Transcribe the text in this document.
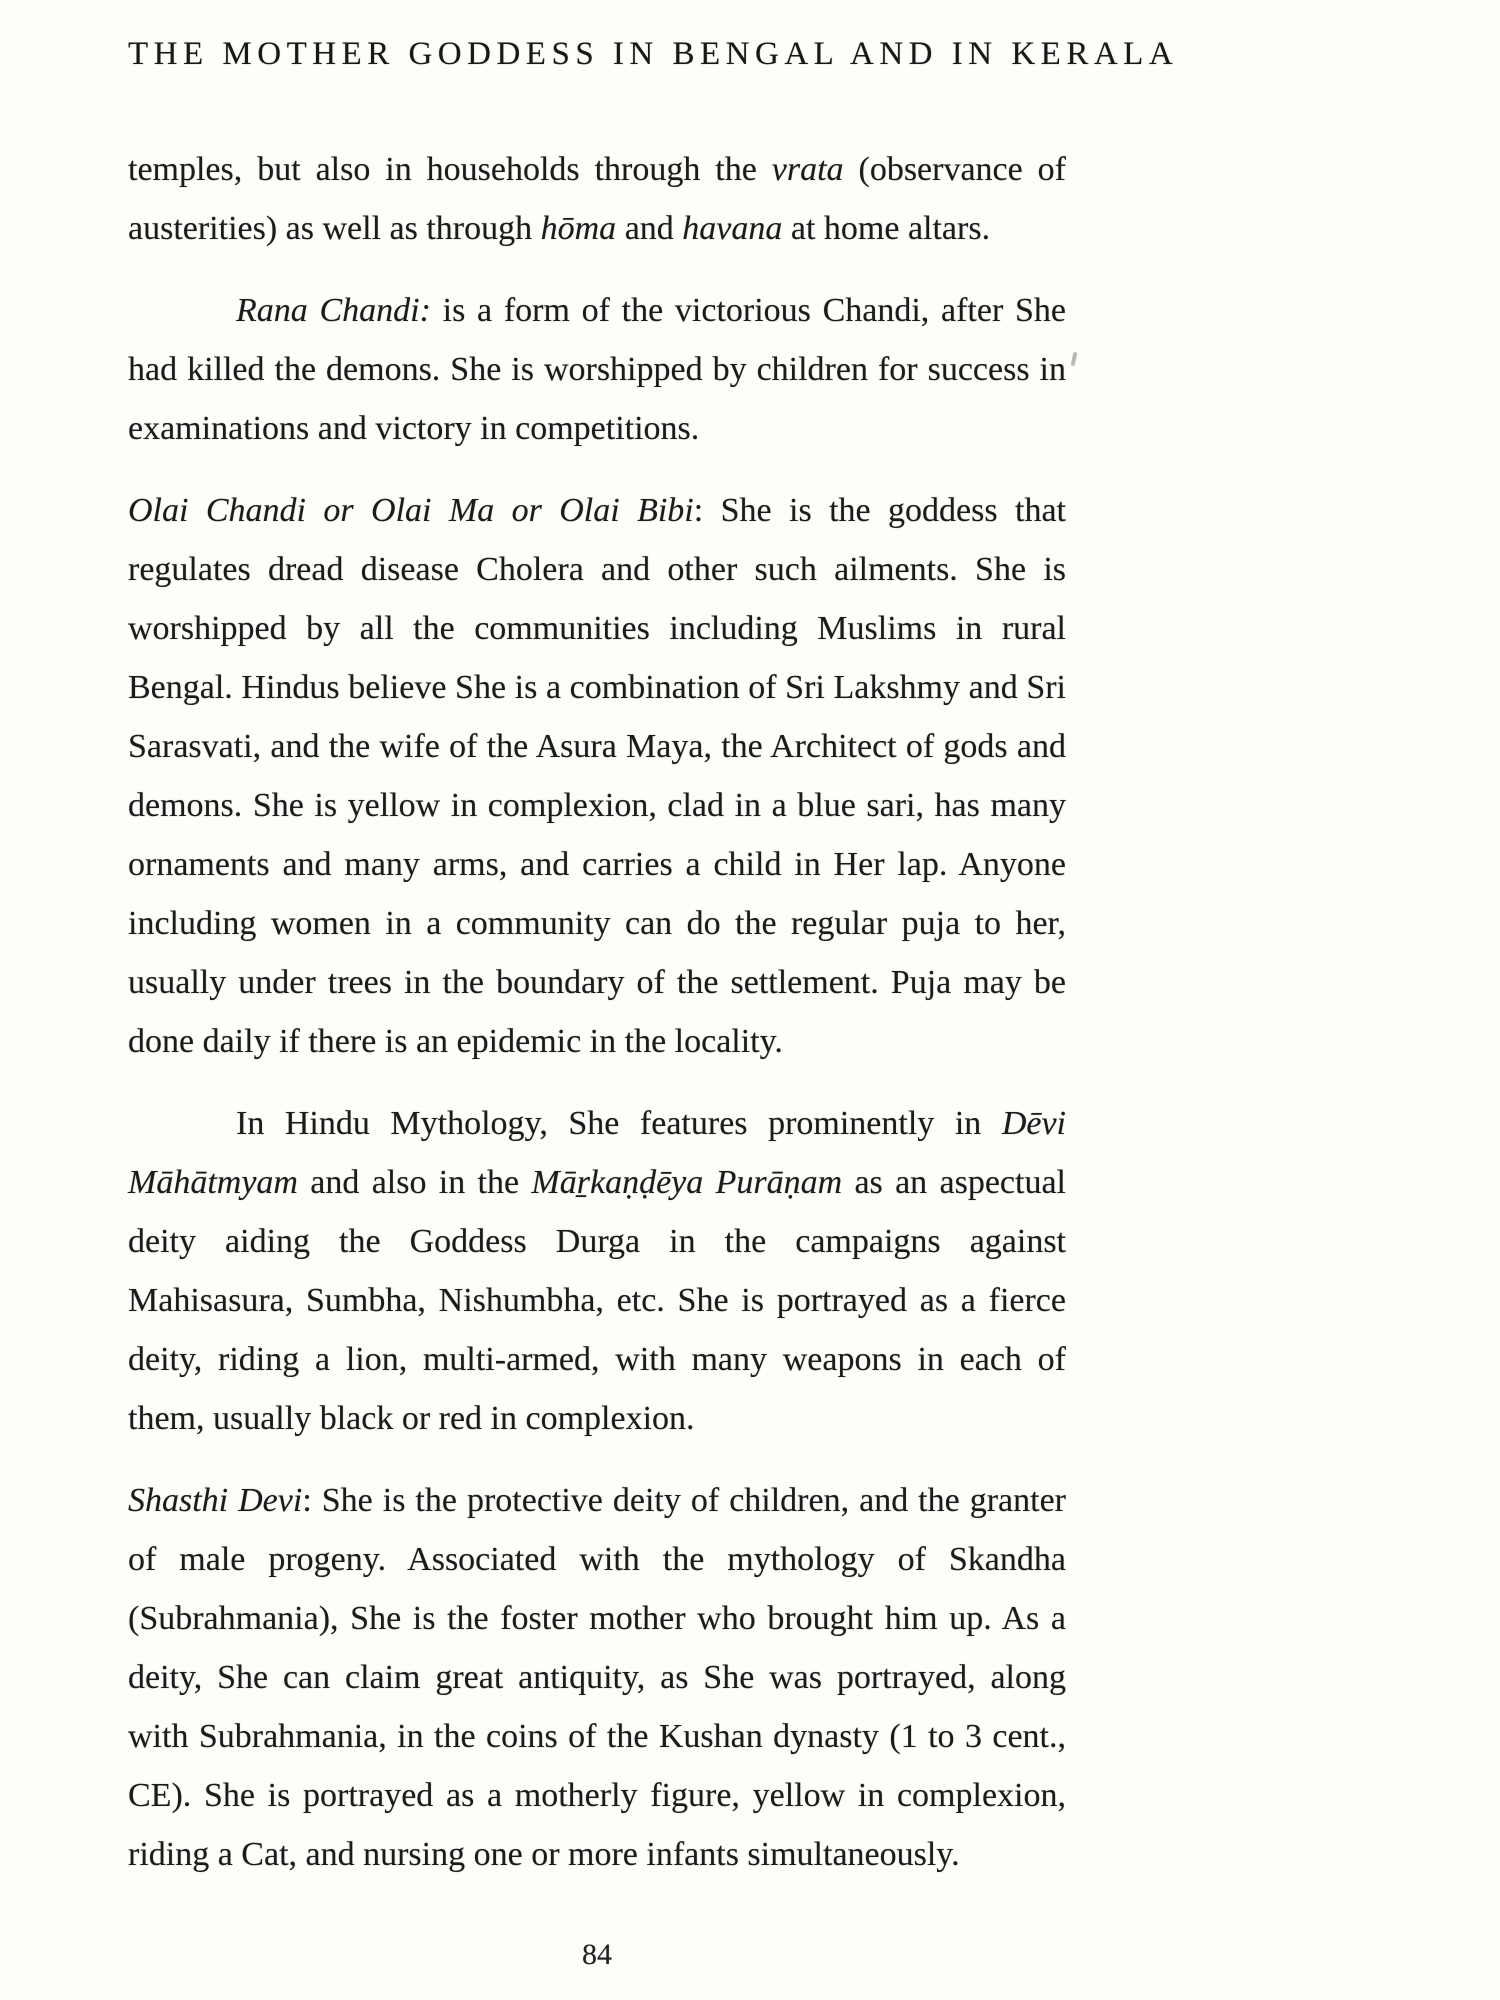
THE MOTHER GODDESS IN BENGAL AND IN KERALA

temples, but also in households through the vrata (observance of austerities) as well as through hōma and havana at home altars.

Rana Chandi: is a form of the victorious Chandi, after She had killed the demons. She is worshipped by children for success in examinations and victory in competitions.

Olai Chandi or Olai Ma or Olai Bibi: She is the goddess that regulates dread disease Cholera and other such ailments. She is worshipped by all the communities including Muslims in rural Bengal. Hindus believe She is a combination of Sri Lakshmy and Sri Sarasvati, and the wife of the Asura Maya, the Architect of gods and demons. She is yellow in complexion, clad in a blue sari, has many ornaments and many arms, and carries a child in Her lap. Anyone including women in a community can do the regular puja to her, usually under trees in the boundary of the settlement. Puja may be done daily if there is an epidemic in the locality.

In Hindu Mythology, She features prominently in Dēvi Māhātmyam and also in the Māṟkaṇḍēya Purāṇam as an aspectual deity aiding the Goddess Durga in the campaigns against Mahisasura, Sumbha, Nishumbha, etc. She is portrayed as a fierce deity, riding a lion, multi-armed, with many weapons in each of them, usually black or red in complexion.

Shasthi Devi: She is the protective deity of children, and the granter of male progeny. Associated with the mythology of Skandha (Subrahmania), She is the foster mother who brought him up. As a deity, She can claim great antiquity, as She was portrayed, along with Subrahmania, in the coins of the Kushan dynasty (1 to 3 cent., CE). She is portrayed as a motherly figure, yellow in complexion, riding a Cat, and nursing one or more infants simultaneously.

84
